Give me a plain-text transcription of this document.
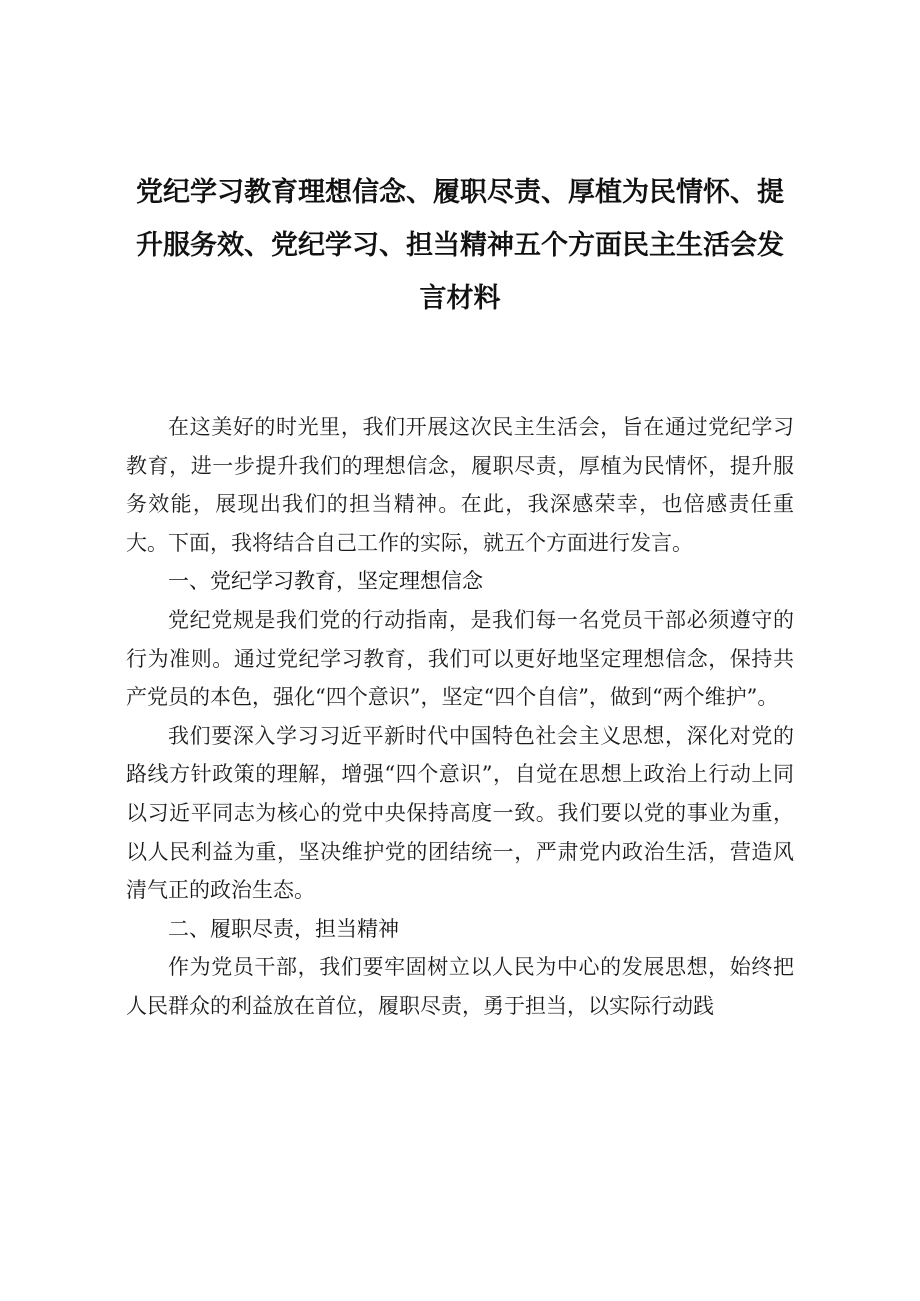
党纪学习教育理想信念、履职尽责、厚植为民情怀、提升服务效、党纪学习、担当精神五个方面民主生活会发言材料

在这美好的时光里，我们开展这次民主生活会，旨在通过党纪学习教育，进一步提升我们的理想信念，履职尽责，厚植为民情怀，提升服务效能，展现出我们的担当精神。在此，我深感荣幸，也倍感责任重大。下面，我将结合自己工作的实际，就五个方面进行发言。

一、党纪学习教育，坚定理想信念

党纪党规是我们党的行动指南，是我们每一名党员干部必须遵守的行为准则。通过党纪学习教育，我们可以更好地坚定理想信念，保持共产党员的本色，强化“四个意识”，坚定“四个自信”，做到“两个维护”。

我们要深入学习习近平新时代中国特色社会主义思想，深化对党的路线方针政策的理解，增强“四个意识”，自觉在思想上政治上行动上同以习近平同志为核心的党中央保持高度一致。我们要以党的事业为重，以人民利益为重，坚决维护党的团结统一，严肃党内政治生活，营造风清气正的政治生态。

二、履职尽责，担当精神

作为党员干部，我们要牢固树立以人民为中心的发展思想，始终把人民群众的利益放在首位，履职尽责，勇于担当，以实际行动践
